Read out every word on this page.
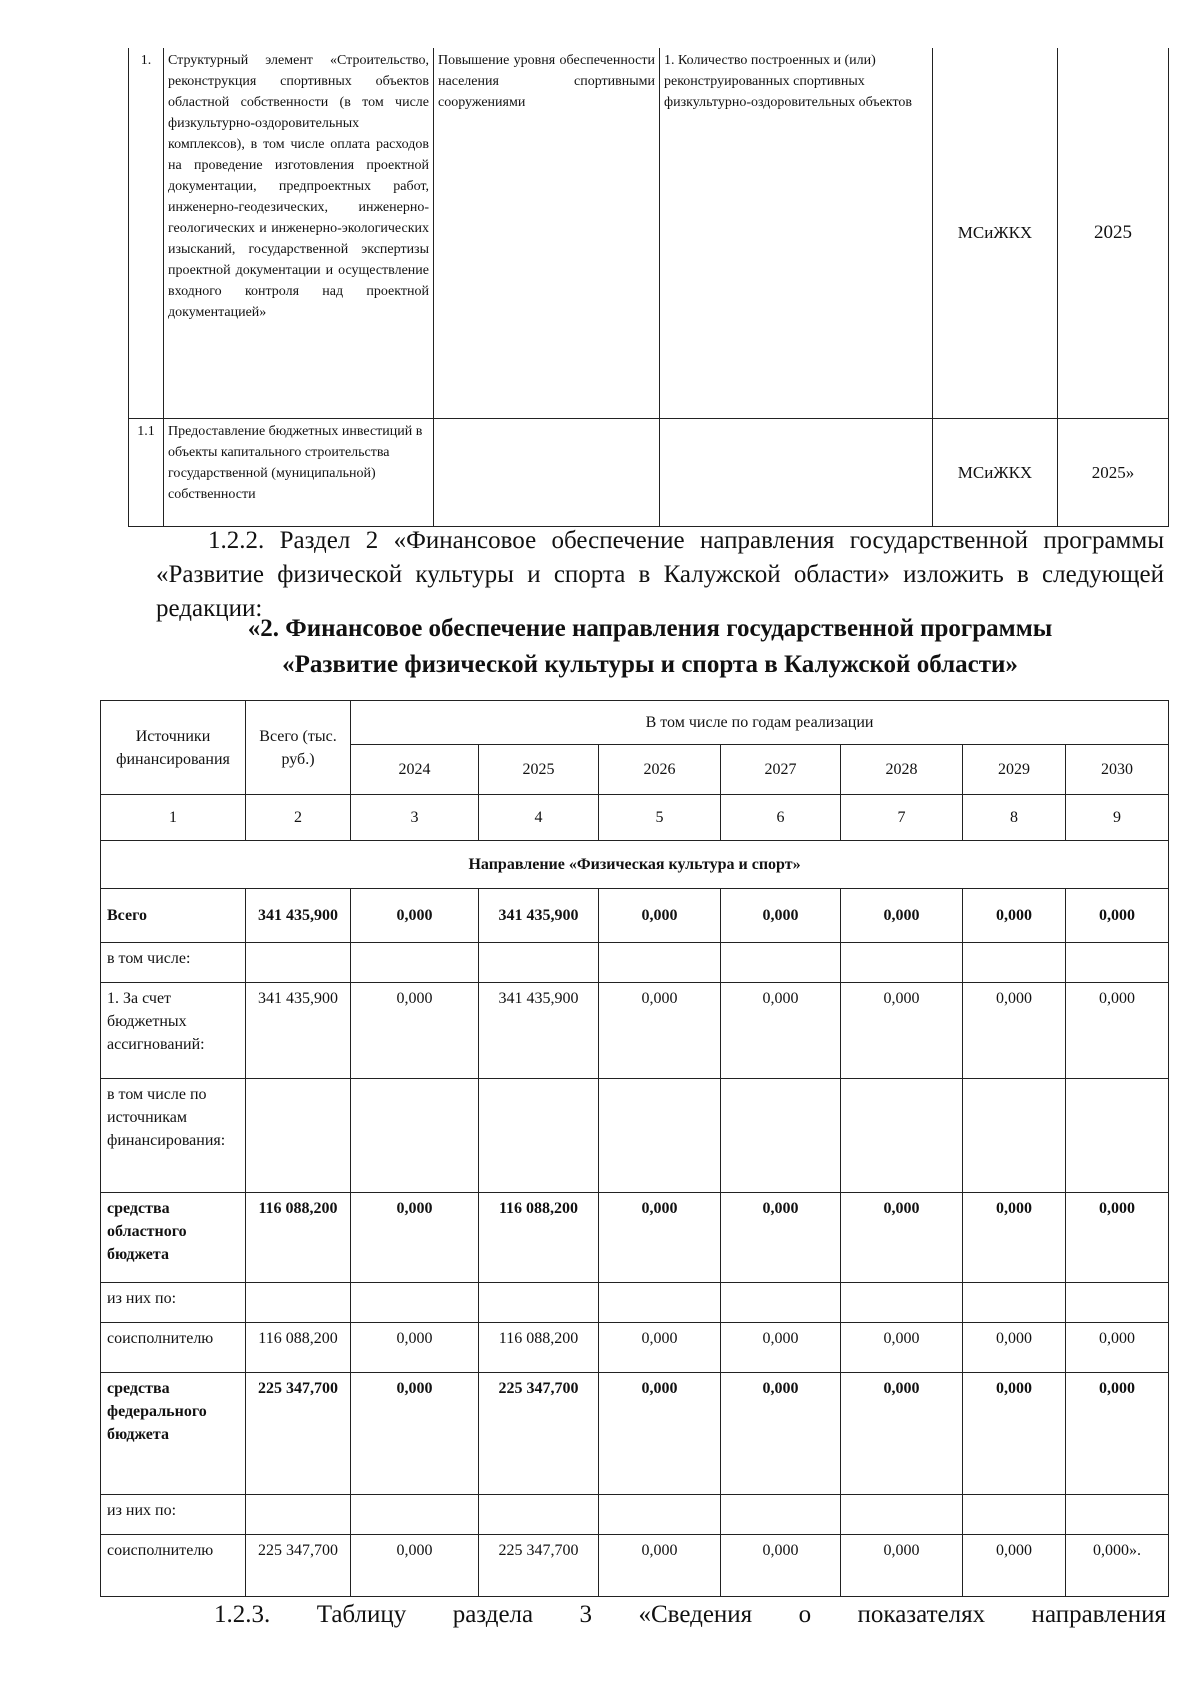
1.	Структурный элемент «Строительство, реконструкция спортивных объектов областной собственности (в том числе физкультурно-оздоровительных комплексов), в том числе оплата расходов на проведение изготовления проектной документации, предпроектных работ, инженерно-геодезических, инженерно-геологических и инженерно-экологических изысканий, государственной экспертизы проектной документации и осуществление входного контроля над проектной документацией»	Повышение уровня обеспеченности населения спортивными сооружениями	1. Количество построенных и (или) реконструированных спортивных физкультурно-оздоровительных объектов	МСиЖКХ	2025
1.1	Предоставление бюджетных инвестиций в объекты капитального строительства государственной (муниципальной) собственности			МСиЖКХ	2025»
1.2.2. Раздел 2 «Финансовое обеспечение направления государственной программы «Развитие физической культуры и спорта в Калужской области» изложить в следующей редакции:
«2. Финансовое обеспечение направления государственной программы
«Развитие физической культуры и спорта в Калужской области»
Источники финансирования	Всего (тыс. руб.)	В том числе по годам реализации						
		2024	2025	2026	2027	2028	2029	2030
1	2	3	4	5	6	7	8	9
Направление «Физическая культура и спорт»								
Всего	341 435,900	0,000	341 435,900	0,000	0,000	0,000	0,000	0,000
в том числе:								
1. За счет бюджетных ассигнований:	341 435,900	0,000	341 435,900	0,000	0,000	0,000	0,000	0,000
в том числе по источникам финансирования:								
средства областного бюджета	116 088,200	0,000	116 088,200	0,000	0,000	0,000	0,000	0,000
из них по:								
соисполнителю	116 088,200	0,000	116 088,200	0,000	0,000	0,000	0,000	0,000
средства федерального бюджета	225 347,700	0,000	225 347,700	0,000	0,000	0,000	0,000	0,000
из них по:								
соисполнителю	225 347,700	0,000	225 347,700	0,000	0,000	0,000	0,000	0,000».
1.2.3. Таблицу раздела 3 «Сведения о показателях направления
